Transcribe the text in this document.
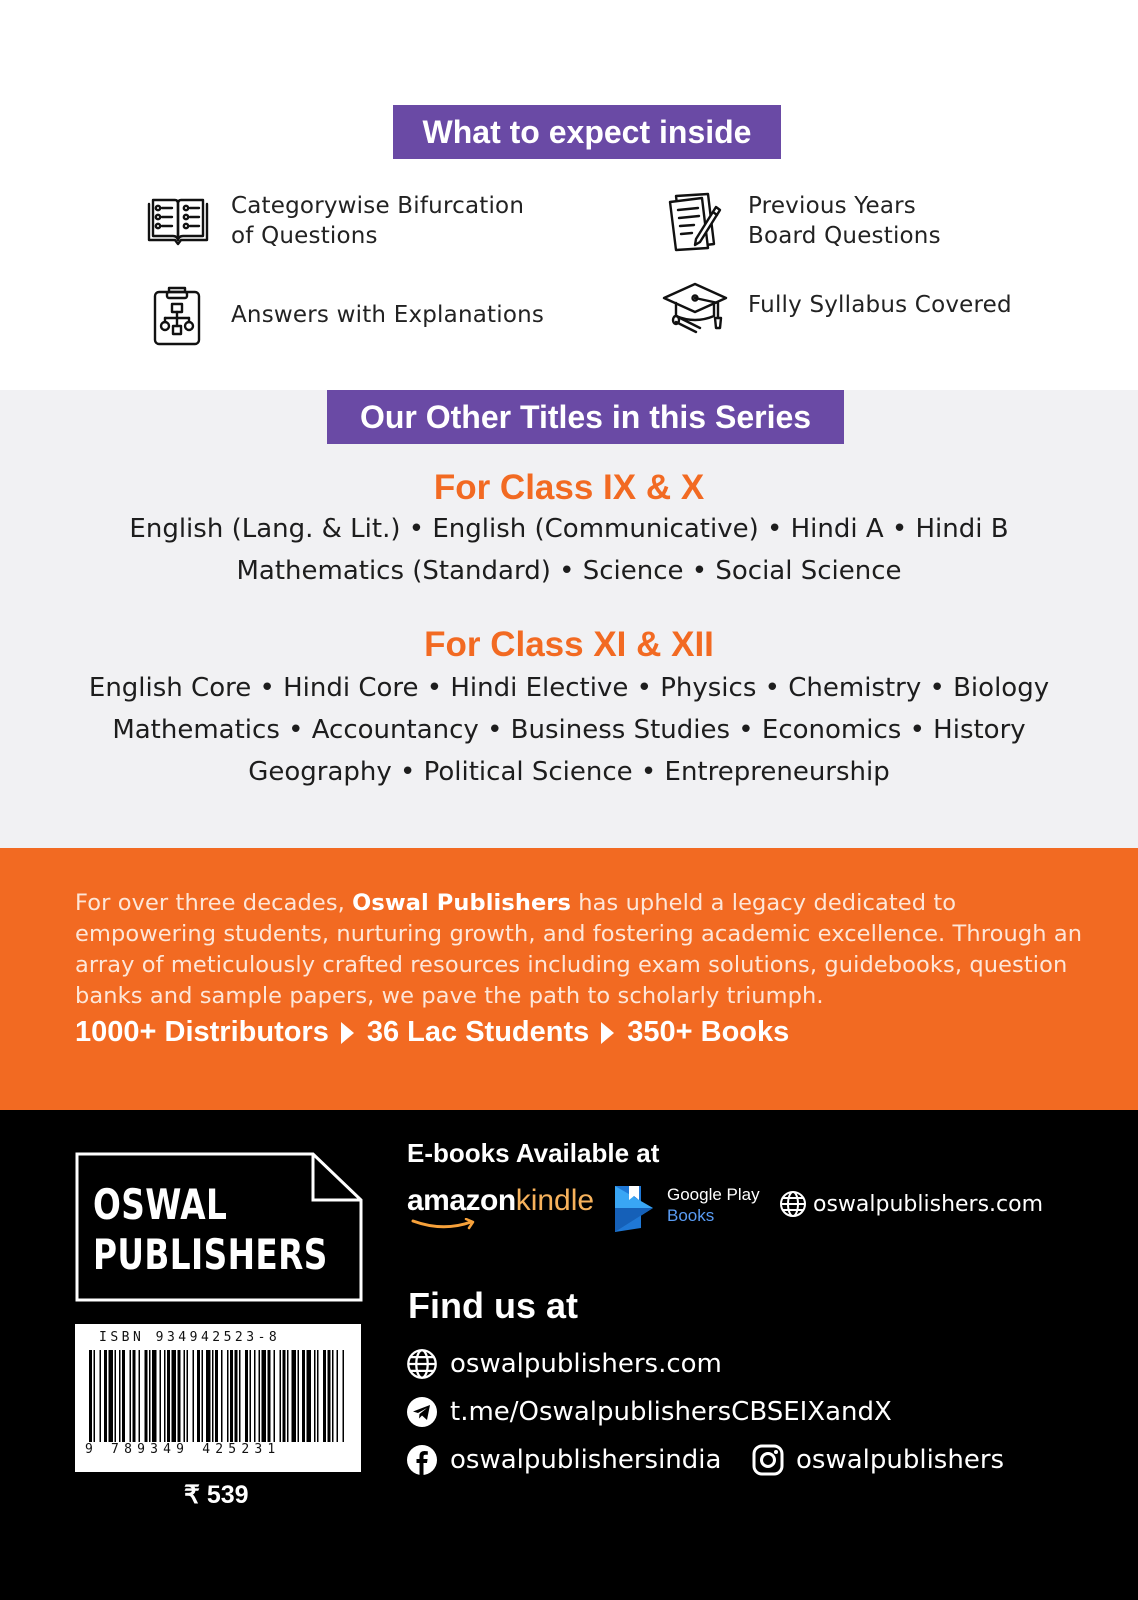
What to expect inside
Categorywise Bifurcation
of Questions
Previous Years
Board Questions
Answers with Explanations	Fully Syllabus Covered
Our Other Titles in this Series
For Class IX & X
English (Lang. & Lit.) • English (Communicative) • Hindi A • Hindi B
Mathematics (Standard) • Science • Social Science
For Class XI & XII
English Core • Hindi Core • Hindi Elective • Physics • Chemistry • Biology
Mathematics • Accountancy • Business Studies • Economics • History
Geography • Political Science • Entrepreneurship

For over three decades, Oswal Publishers has upheld a legacy dedicated to empowering students, nurturing growth, and fostering academic excellence. Through an array of meticulously crafted resources including exam solutions, guidebooks, question banks and sample papers, we pave the path to scholarly triumph.

1000+ Distributors 36 Lac Students 350+ Books
OSWAL
PUBLISHERS
ISBN 934942523-8
9 789349 425231
₹ 539
E-books Available at
amazonkindle	Google Play
Books	oswalpublishers.com
Find us at
oswalpublishers.com
t.me/OswalpublishersCBSEIXandX
oswalpublishersindia	oswalpublishers
